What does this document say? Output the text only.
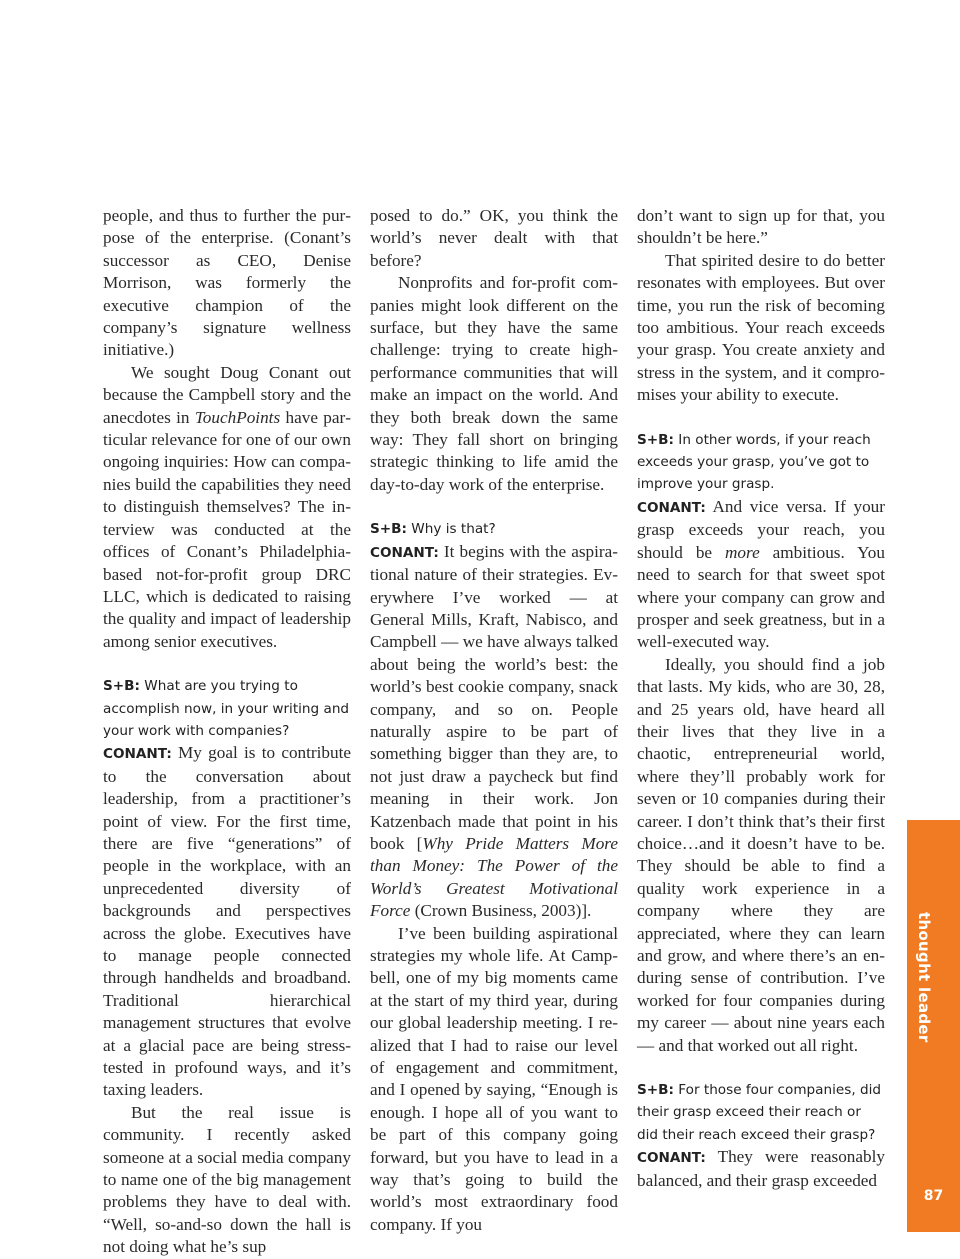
people, and thus to further the purpose of the enterprise. (Conant’s successor as CEO, Denise Morrison, was formerly the executive champion of the company’s signature wellness initiative.)

We sought Doug Conant out because the Campbell story and the anecdotes in TouchPoints have particular relevance for one of our own ongoing inquiries: How can companies build the capabilities they need to distinguish themselves? The interview was conducted at the offices of Conant’s Philadelphia-based not-for-profit group DRC LLC, which is dedicated to raising the quality and impact of leadership among senior executives.

S+B: What are you trying to accomplish now, in your writing and your work with companies?

CONANT: My goal is to contribute to the conversation about leadership, from a practitioner’s point of view. For the first time, there are five “generations” of people in the workplace, with an unprecedented diversity of backgrounds and perspectives across the globe. Executives have to manage people connected through handhelds and broadband. Traditional hierarchical management structures that evolve at a glacial pace are being stress-tested in profound ways, and it’s taxing leaders.

But the real issue is community. I recently asked someone at a social media company to name one of the big management problems they have to deal with. “Well, so-and-so down the hall is not doing what he’s sup

posed to do.” OK, you think the world’s never dealt with that before?

Nonprofits and for-profit companies might look different on the surface, but they have the same challenge: trying to create high-performance communities that will make an impact on the world. And they both break down the same way: They fall short on bringing strategic thinking to life amid the day-to-day work of the enterprise.

S+B: Why is that?

CONANT: It begins with the aspirational nature of their strategies. Everywhere I’ve worked — at General Mills, Kraft, Nabisco, and Campbell — we have always talked about being the world’s best: the world’s best cookie company, snack company, and so on. People naturally aspire to be part of something bigger than they are, to not just draw a paycheck but find meaning in their work. Jon Katzenbach made that point in his book [Why Pride Matters More than Money: The Power of the World’s Greatest Motivational Force (Crown Business, 2003)].

I’ve been building aspirational strategies my whole life. At Campbell, one of my big moments came at the start of my third year, during our global leadership meeting. I realized that I had to raise our level of engagement and commitment, and I opened by saying, “Enough is enough. I hope all of you want to be part of this company going forward, but you have to lead in a way that’s going to build the world’s most extraordinary food company. If you

don’t want to sign up for that, you shouldn’t be here.”

That spirited desire to do better resonates with employees. But over time, you run the risk of becoming too ambitious. Your reach exceeds your grasp. You create anxiety and stress in the system, and it compromises your ability to execute.

S+B: In other words, if your reach exceeds your grasp, you’ve got to improve your grasp.

CONANT: And vice versa. If your grasp exceeds your reach, you should be more ambitious. You need to search for that sweet spot where your company can grow and prosper and seek greatness, but in a well-executed way.

Ideally, you should find a job that lasts. My kids, who are 30, 28, and 25 years old, have heard all their lives that they live in a chaotic, entrepreneurial world, where they’ll probably work for seven or 10 companies during their career. I don’t think that’s their first choice…and it doesn’t have to be. They should be able to find a quality work experience in a company where they are appreciated, where they can learn and grow, and where there’s an enduring sense of contribution. I’ve worked for four companies during my career — about nine years each — and that worked out all right.

S+B: For those four companies, did their grasp exceed their reach or did their reach exceed their grasp?

CONANT: They were reasonably balanced, and their grasp exceeded

thought leader
87
